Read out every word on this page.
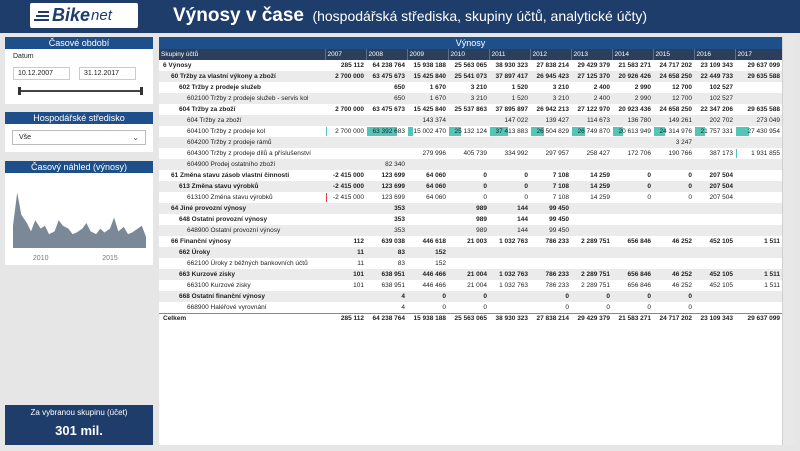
Bike net	Výnosy v čase (hospodářská střediska, skupiny účtů, analytické účty)
Časové období
Datum
10.12.2007	31.12.2017
Hospodářské středisko
Vše	⌄
Časový náhled (výnosy)
2010	2015
Za vybranou skupinu (účet)
301 mil.
Výnosy
Skupiny účtů	2007	2008	2009	2010	2011	2012	2013	2014	2015	2016	2017
6 Výnosy	285 112	64 238 764	15 938 188	25 563 065	38 930 323	27 838 214	29 429 379	21 583 271	24 717 202	23 109 343	29 637 099
60 Tržby za vlastní výkony a zboží	2 700 000	63 475 673	15 425 840	25 541 073	37 897 417	26 945 423	27 125 370	20 926 426	24 658 250	22 449 733	29 635 588
602 Tržby z prodeje služeb		650	1 670	3 210	1 520	3 210	2 400	2 990	12 700	102 527	
602100 Tržby z prodeje služeb - servis kol		650	1 670	3 210	1 520	3 210	2 400	2 990	12 700	102 527	
604 Tržby za zboží	2 700 000	63 475 673	15 425 840	25 537 863	37 895 897	26 942 213	27 122 970	20 923 436	24 658 250	22 347 206	29 635 588
604 Tržby za zboží			143 374		147 022	139 427	114 673	136 780	149 261	202 702	273 049
604100 Tržby z prodeje kol	2 700 000	63 392 683	15 002 470	25 132 124	37 413 883	26 504 829	26 749 870	20 613 949	24 314 976	21 757 331	27 430 954
604200 Tržby z prodeje rámů									3 247		
604300 Tržby z prodeje dílů a příslušenství			279 996	405 739	334 992	297 957	258 427	172 706	190 766	387 173	1 931 855
604900 Prodej ostatního zboží		82 340									
61 Změna stavu zásob vlastní činnosti	-2 415 000	123 699	64 060	0	0	7 108	14 259	0	0	207 504	
613 Změna stavu výrobků	-2 415 000	123 699	64 060	0	0	7 108	14 259	0	0	207 504	
613100 Změna stavu výrobků	-2 415 000	123 699	64 060	0	0	7 108	14 259	0	0	207 504	
64 Jiné provozní výnosy		353		989	144	99 450					
648 Ostatní provozní výnosy		353		989	144	99 450					
648900 Ostatní provozní výnosy		353		989	144	99 450					
66 Finanční výnosy	112	639 038	446 618	21 003	1 032 763	786 233	2 289 751	656 846	46 252	452 105	1 511
662 Úroky	11	83	152								
662100 Úroky z běžných bankovních účtů	11	83	152								
663 Kurzové zisky	101	638 951	446 466	21 004	1 032 763	786 233	2 289 751	656 846	46 252	452 105	1 511
663100 Kurzové zisky	101	638 951	446 466	21 004	1 032 763	786 233	2 289 751	656 846	46 252	452 105	1 511
668 Ostatní finanční výnosy		4	0	0		0	0	0	0		
668900 Haléřové vyrovnání		4	0	0		0	0	0	0		
Celkem	285 112	64 238 764	15 938 188	25 563 065	38 930 323	27 838 214	29 429 379	21 583 271	24 717 202	23 109 343	29 637 099
